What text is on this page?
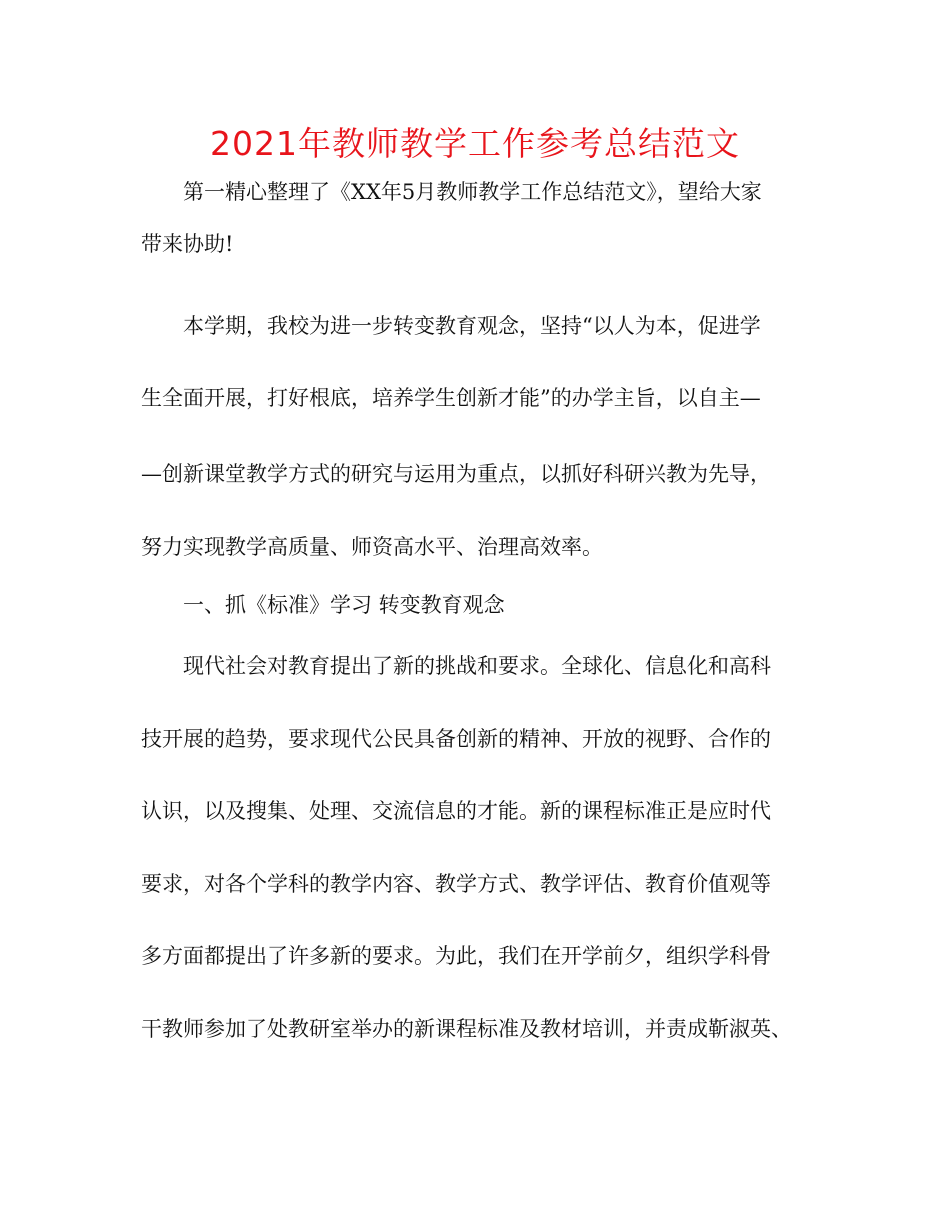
2021年教师教学工作参考总结范文
第一精心整理了《XX年5月教师教学工作总结范文》，望给大家
带来协助!
本学期，我校为进一步转变教育观念，坚持“以人为本，促进学
生全面开展，打好根底，培养学生创新才能”的办学主旨，以自主—
—创新课堂教学方式的研究与运用为重点，以抓好科研兴教为先导，
努力实现教学高质量、师资高水平、治理高效率。
一、抓《标准》学习 转变教育观念
现代社会对教育提出了新的挑战和要求。全球化、信息化和高科
技开展的趋势，要求现代公民具备创新的精神、开放的视野、合作的
认识，以及搜集、处理、交流信息的才能。新的课程标准正是应时代
要求，对各个学科的教学内容、教学方式、教学评估、教育价值观等
多方面都提出了许多新的要求。为此，我们在开学前夕，组织学科骨
干教师参加了处教研室举办的新课程标准及教材培训，并责成靳淑英、
